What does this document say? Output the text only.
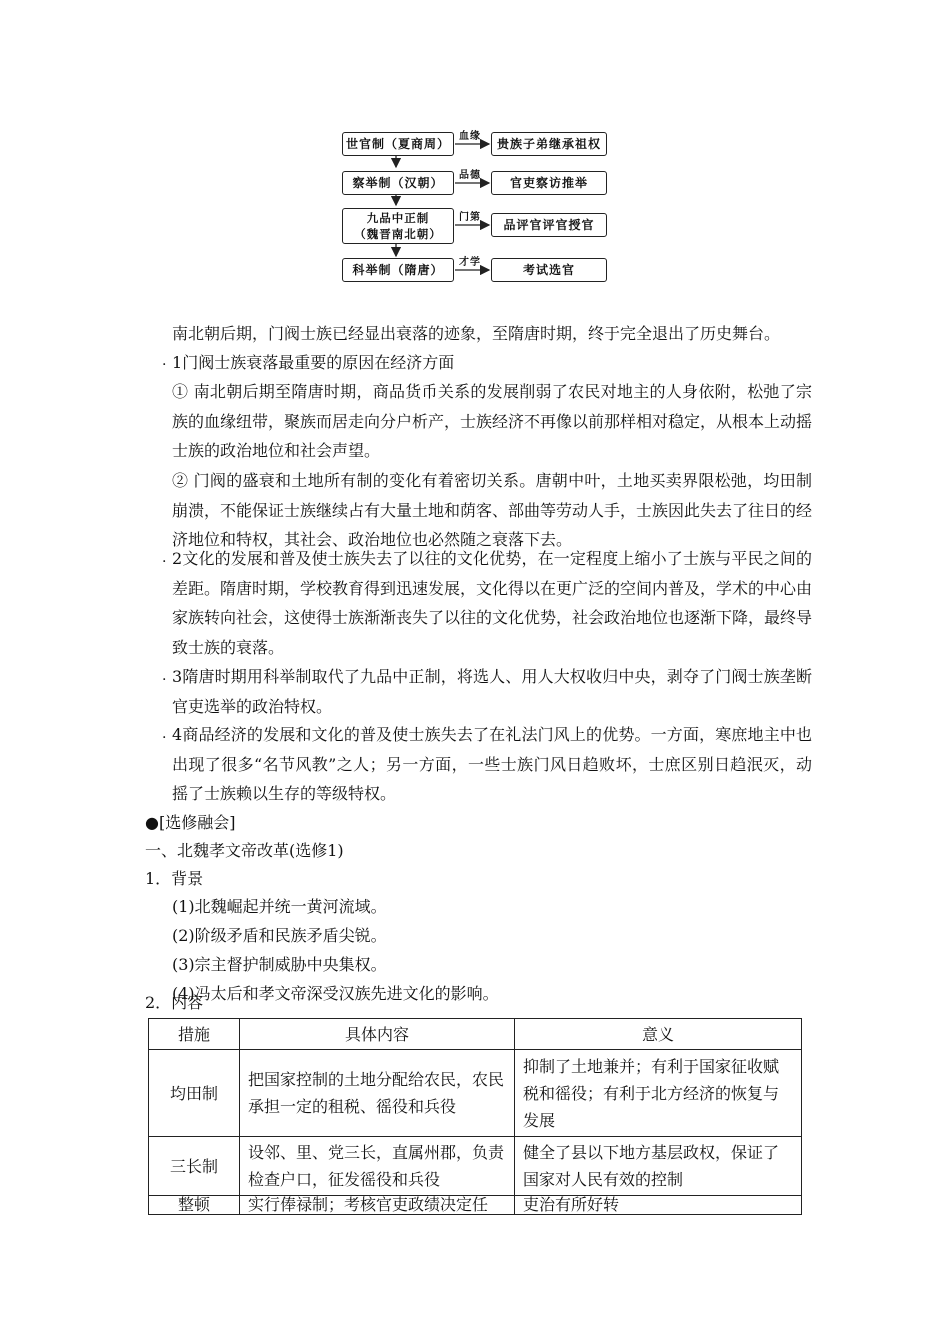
世官制（夏商周）
察举制（汉朝）
九品中正制
（魏晋南北朝）
科举制（隋唐）
贵族子弟继承祖权
官吏察访推举
品评官评官授官
考试选官
血缘
品德
门第
才学

南北朝后期，门阀士族已经显出衰落的迹象，至隋唐时期，终于完全退出了历史舞台。

. 1门阀士族衰落最重要的原因在经济方面

① 南北朝后期至隋唐时期，商品货币关系的发展削弱了农民对地主的人身依附，松弛了宗族的血缘纽带，聚族而居走向分户析产，士族经济不再像以前那样相对稳定，从根本上动摇士族的政治地位和社会声望。

② 门阀的盛衰和土地所有制的变化有着密切关系。唐朝中叶，土地买卖界限松弛，均田制崩溃，不能保证士族继续占有大量土地和荫客、部曲等劳动人手，士族因此失去了往日的经济地位和特权，其社会、政治地位也必然随之衰落下去。

. 2文化的发展和普及使士族失去了以往的文化优势，在一定程度上缩小了士族与平民之间的差距。隋唐时期，学校教育得到迅速发展，文化得以在更广泛的空间内普及，学术的中心由家族转向社会，这使得士族渐渐丧失了以往的文化优势，社会政治地位也逐渐下降，最终导致士族的衰落。

. 3隋唐时期用科举制取代了九品中正制，将选人、用人大权收归中央，剥夺了门阀士族垄断官吏选举的政治特权。

. 4商品经济的发展和文化的普及使士族失去了在礼法门风上的优势。一方面，寒庶地主中也出现了很多“名节风教”之人；另一方面，一些士族门风日趋败坏，士庶区别日趋泯灭，动摇了士族赖以生存的等级特权。

●[选修融会]

一、北魏孝文帝改革(选修1)

1．背景

(1)北魏崛起并统一黄河流域。

(2)阶级矛盾和民族矛盾尖锐。

(3)宗主督护制威胁中央集权。

(4)冯太后和孝文帝深受汉族先进文化的影响。

2．内容

措施	具体内容	意义
均田制	把国家控制的土地分配给农民，农民承担一定的租税、徭役和兵役	抑制了土地兼并；有利于国家征收赋税和徭役；有利于北方经济的恢复与发展
三长制	设邻、里、党三长，直属州郡，负责检查户口，征发徭役和兵役	健全了县以下地方基层政权，保证了国家对人民有效的控制
整顿	实行俸禄制；考核官吏政绩决定任	吏治有所好转
